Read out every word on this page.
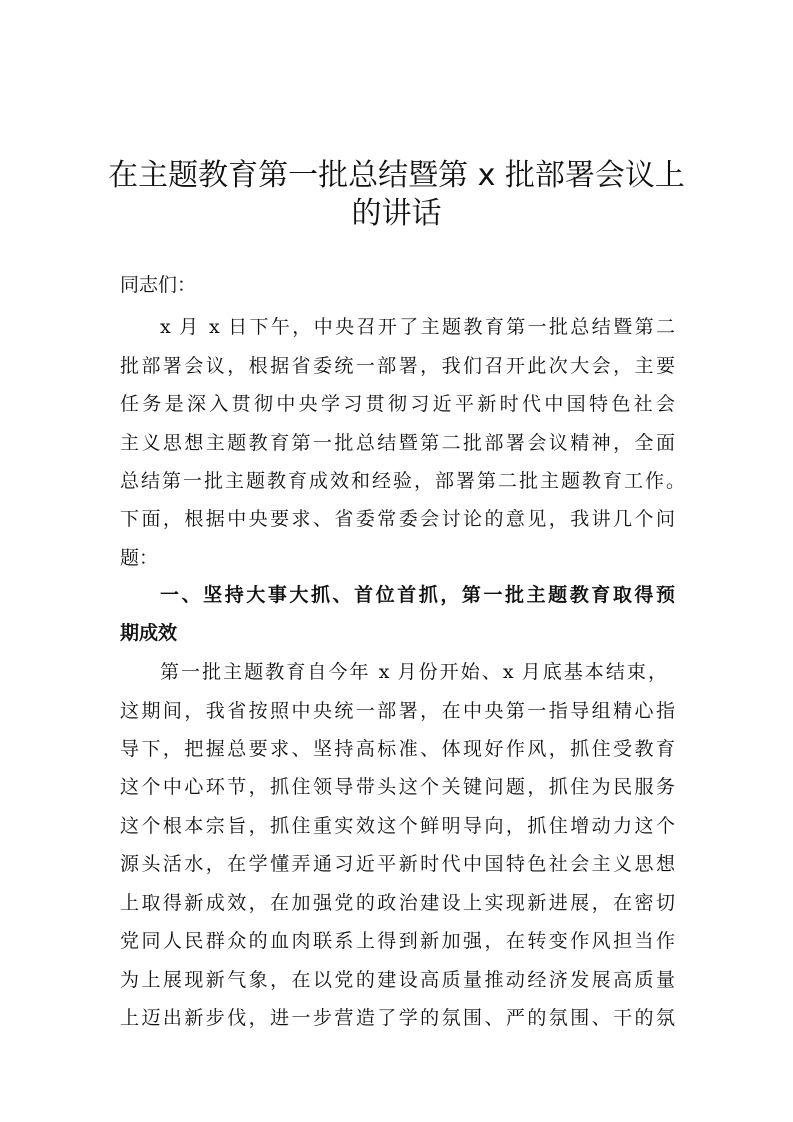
在主题教育第一批总结暨第 x 批部署会议上
的讲话
同志们：
x 月 x 日下午，中央召开了主题教育第一批总结暨第二
批部署会议，根据省委统一部署，我们召开此次大会，主要
任务是深入贯彻中央学习贯彻习近平新时代中国特色社会
主义思想主题教育第一批总结暨第二批部署会议精神，全面
总结第一批主题教育成效和经验，部署第二批主题教育工作。
下面，根据中央要求、省委常委会讨论的意见，我讲几个问
题：
一、坚持大事大抓、首位首抓，第一批主题教育取得预
期成效
第一批主题教育自今年 x 月份开始、x 月底基本结束，
这期间，我省按照中央统一部署，在中央第一指导组精心指
导下，把握总要求、坚持高标准、体现好作风，抓住受教育
这个中心环节，抓住领导带头这个关键问题，抓住为民服务
这个根本宗旨，抓住重实效这个鲜明导向，抓住增动力这个
源头活水，在学懂弄通习近平新时代中国特色社会主义思想
上取得新成效，在加强党的政治建设上实现新进展，在密切
党同人民群众的血肉联系上得到新加强，在转变作风担当作
为上展现新气象，在以党的建设高质量推动经济发展高质量
上迈出新步伐，进一步营造了学的氛围、严的氛围、干的氛
